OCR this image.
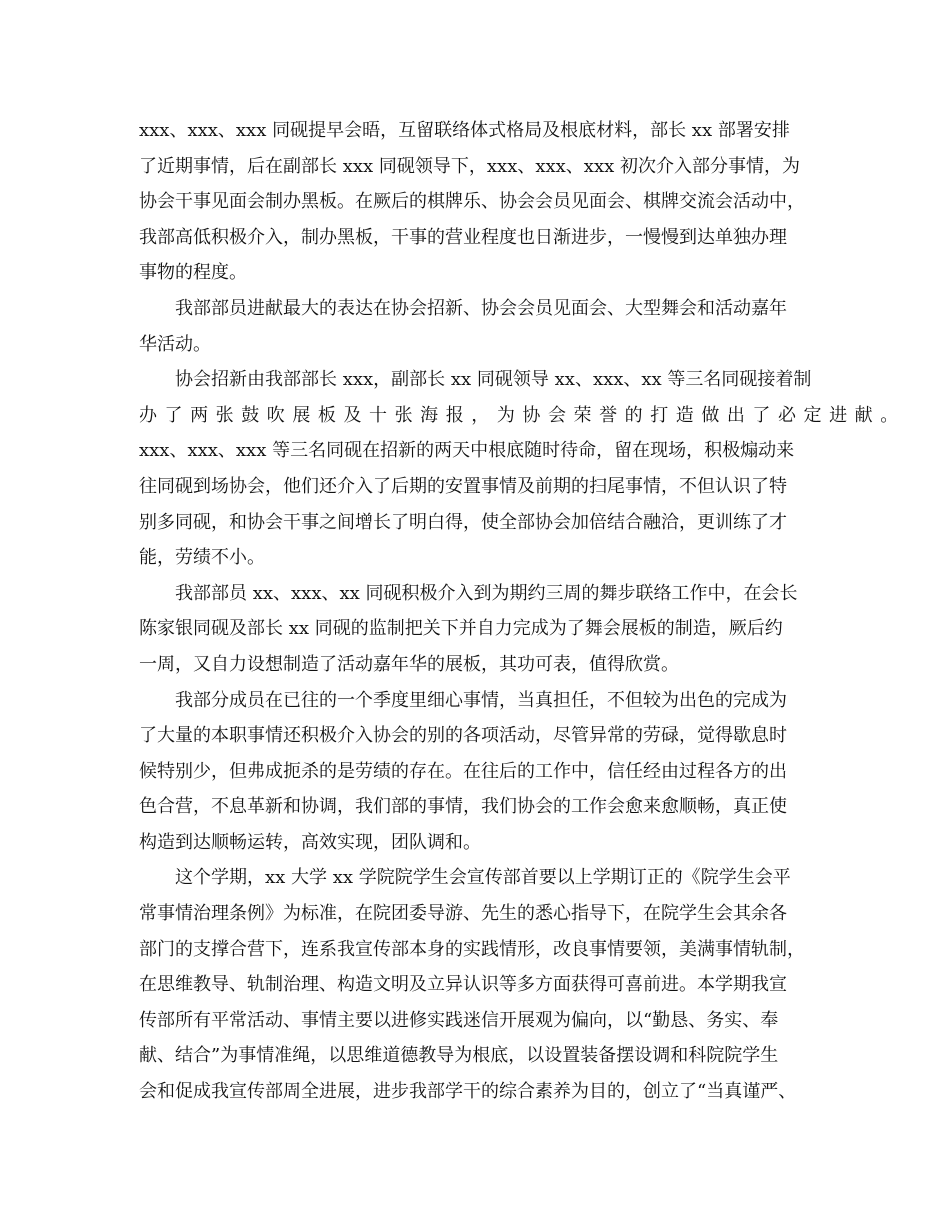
xxx、xxx、xxx 同砚提早会晤，互留联络体式格局及根底材料，部长 xx 部署安排
了近期事情，后在副部长 xxx 同砚领导下，xxx、xxx、xxx 初次介入部分事情，为
协会干事见面会制办黑板。在厥后的棋牌乐、协会会员见面会、棋牌交流会活动中，
我部高低积极介入，制办黑板，干事的营业程度也日渐进步，一慢慢到达单独办理
事物的程度。
我部部员进献最大的表达在协会招新、协会会员见面会、大型舞会和活动嘉年
华活动。
协会招新由我部部长 xxx，副部长 xx 同砚领导 xx、xxx、xx 等三名同砚接着制
办了两张鼓吹展板及十张海报，为协会荣誉的打造做出了必定进献。
xxx、xxx、xxx 等三名同砚在招新的两天中根底随时待命，留在现场，积极煽动来
往同砚到场协会，他们还介入了后期的安置事情及前期的扫尾事情，不但认识了特
别多同砚，和协会干事之间增长了明白得，使全部协会加倍结合融洽，更训练了才
能，劳绩不小。
我部部员 xx、xxx、xx 同砚积极介入到为期约三周的舞步联络工作中，在会长
陈家银同砚及部长 xx 同砚的监制把关下并自力完成为了舞会展板的制造，厥后约
一周，又自力设想制造了活动嘉年华的展板，其功可表，值得欣赏。
我部分成员在已往的一个季度里细心事情，当真担任，不但较为出色的完成为
了大量的本职事情还积极介入协会的别的各项活动，尽管异常的劳碌，觉得歇息时
候特别少，但弗成扼杀的是劳绩的存在。在往后的工作中，信任经由过程各方的出
色合营，不息革新和协调，我们部的事情，我们协会的工作会愈来愈顺畅，真正使
构造到达顺畅运转，高效实现，团队调和。
这个学期，xx 大学 xx 学院院学生会宣传部首要以上学期订正的《院学生会平
常事情治理条例》为标准，在院团委导游、先生的悉心指导下，在院学生会其余各
部门的支撑合营下，连系我宣传部本身的实践情形，改良事情要领，美满事情轨制，
在思维教导、轨制治理、构造文明及立异认识等多方面获得可喜前进。本学期我宣
传部所有平常活动、事情主要以进修实践迷信开展观为偏向，以“勤恳、务实、奉
献、结合”为事情准绳，以思维道德教导为根底，以设置装备摆设调和科院院学生
会和促成我宣传部周全进展，进步我部学干的综合素养为目的，创立了“当真谨严、
